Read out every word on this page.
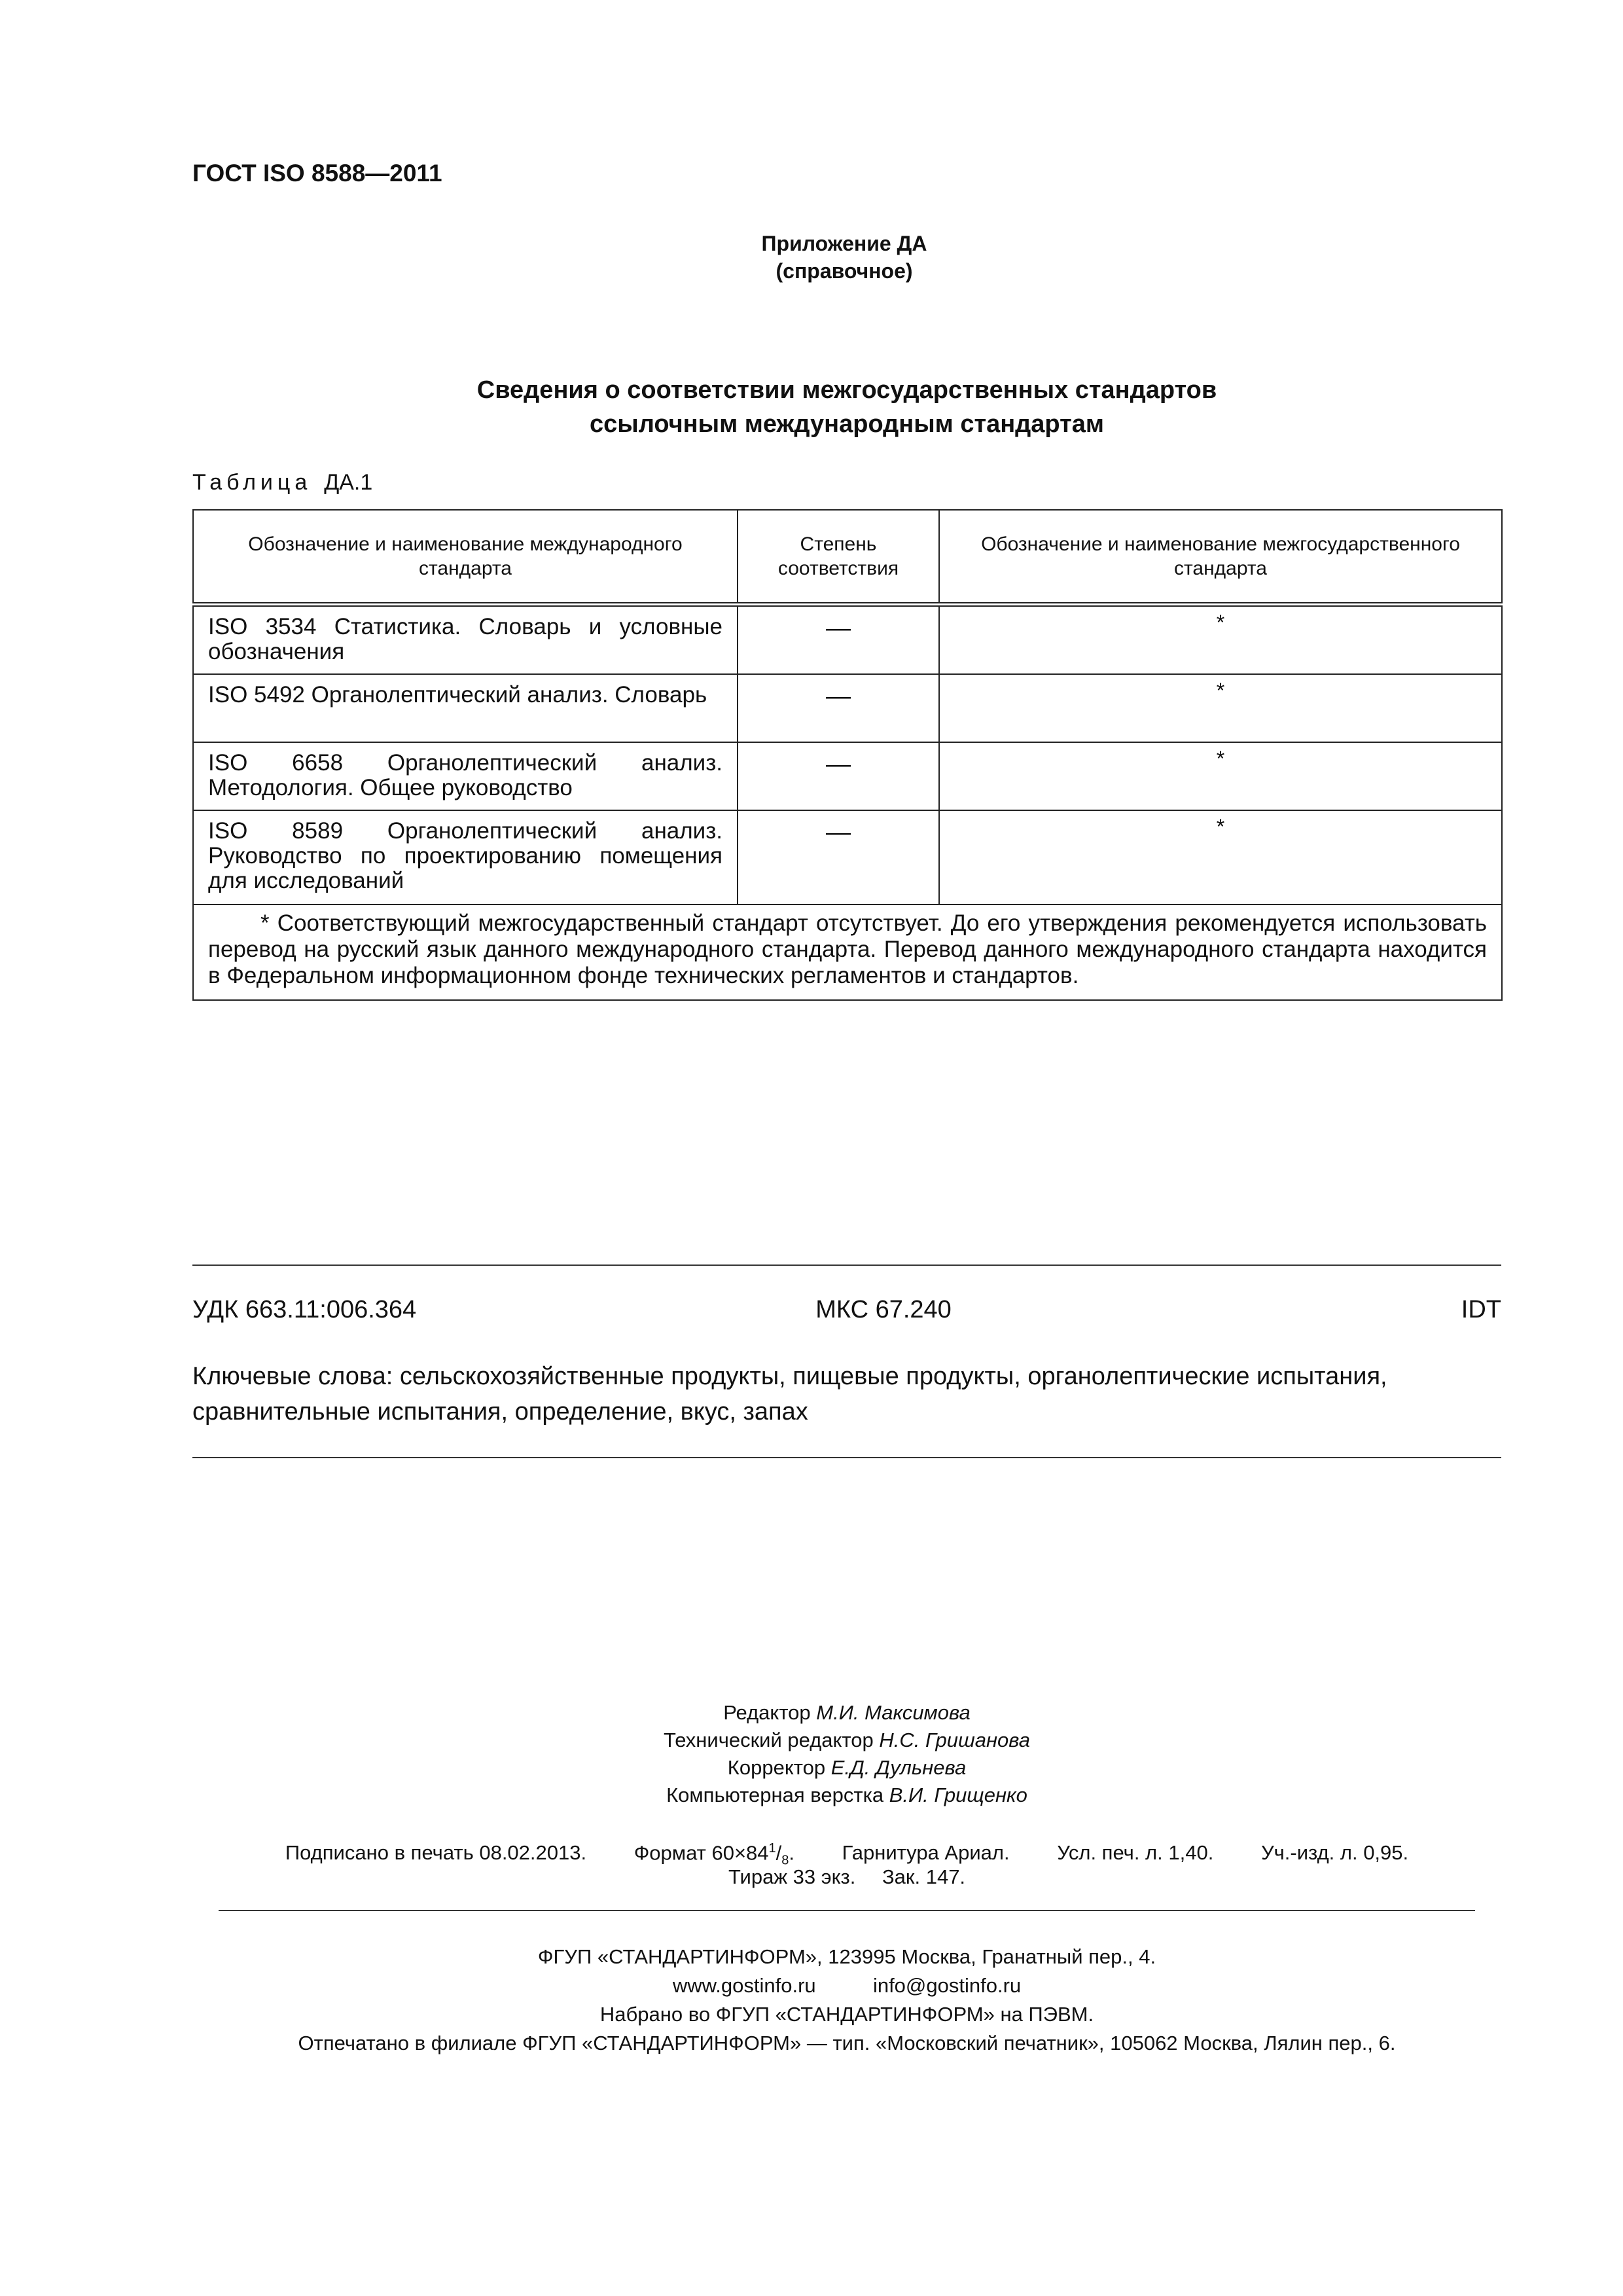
ГОСТ ISO 8588—2011
Приложение ДА
(справочное)
Сведения о соответствии межгосударственных стандартов
ссылочным международным стандартам
Таблица ДА.1
Обозначение и наименование международного стандарта	Степень соответствия	Обозначение и наименование межгосударственного стандарта
ISO 3534 Статистика. Словарь и условные обозначения	—	*
ISO 5492 Органолептический анализ. Словарь	—	*
ISO 6658 Органолептический анализ. Методология. Общее руководство	—	*
ISO 8589 Органолептический анализ. Руководство по проектированию помещения для исследований	—	*
* Соответствующий межгосударственный стандарт отсутствует. До его утверждения рекомендуется использовать перевод на русский язык данного международного стандарта. Перевод данного международного стандарта находится в Федеральном информационном фонде технических регламентов и стандартов.		
УДК 663.11:006.364	МКС 67.240	IDT
Ключевые слова: сельскохозяйственные продукты, пищевые продукты, органолептические испытания, сравнительные испытания, определение, вкус, запах
Редактор М.И. Максимова
Технический редактор Н.С. Гришанова
Корректор Е.Д. Дульнева
Компьютерная верстка В.И. Грищенко
Подписано в печать 08.02.2013. Формат $60\times 84^1/_8$. Гарнитура Ариал. Усл. печ. л. 1,40. Уч.-изд. л. 0,95.
Тираж 33 экз. Зак. 147.
ФГУП «СТАНДАРТИНФОРМ», 123995 Москва, Гранатный пер., 4.
www.gostinfo.ru	info@gostinfo.ru
Набрано во ФГУП «СТАНДАРТИНФОРМ» на ПЭВМ.
Отпечатано в филиале ФГУП «СТАНДАРТИНФОРМ» — тип. «Московский печатник», 105062 Москва, Лялин пер., 6.
